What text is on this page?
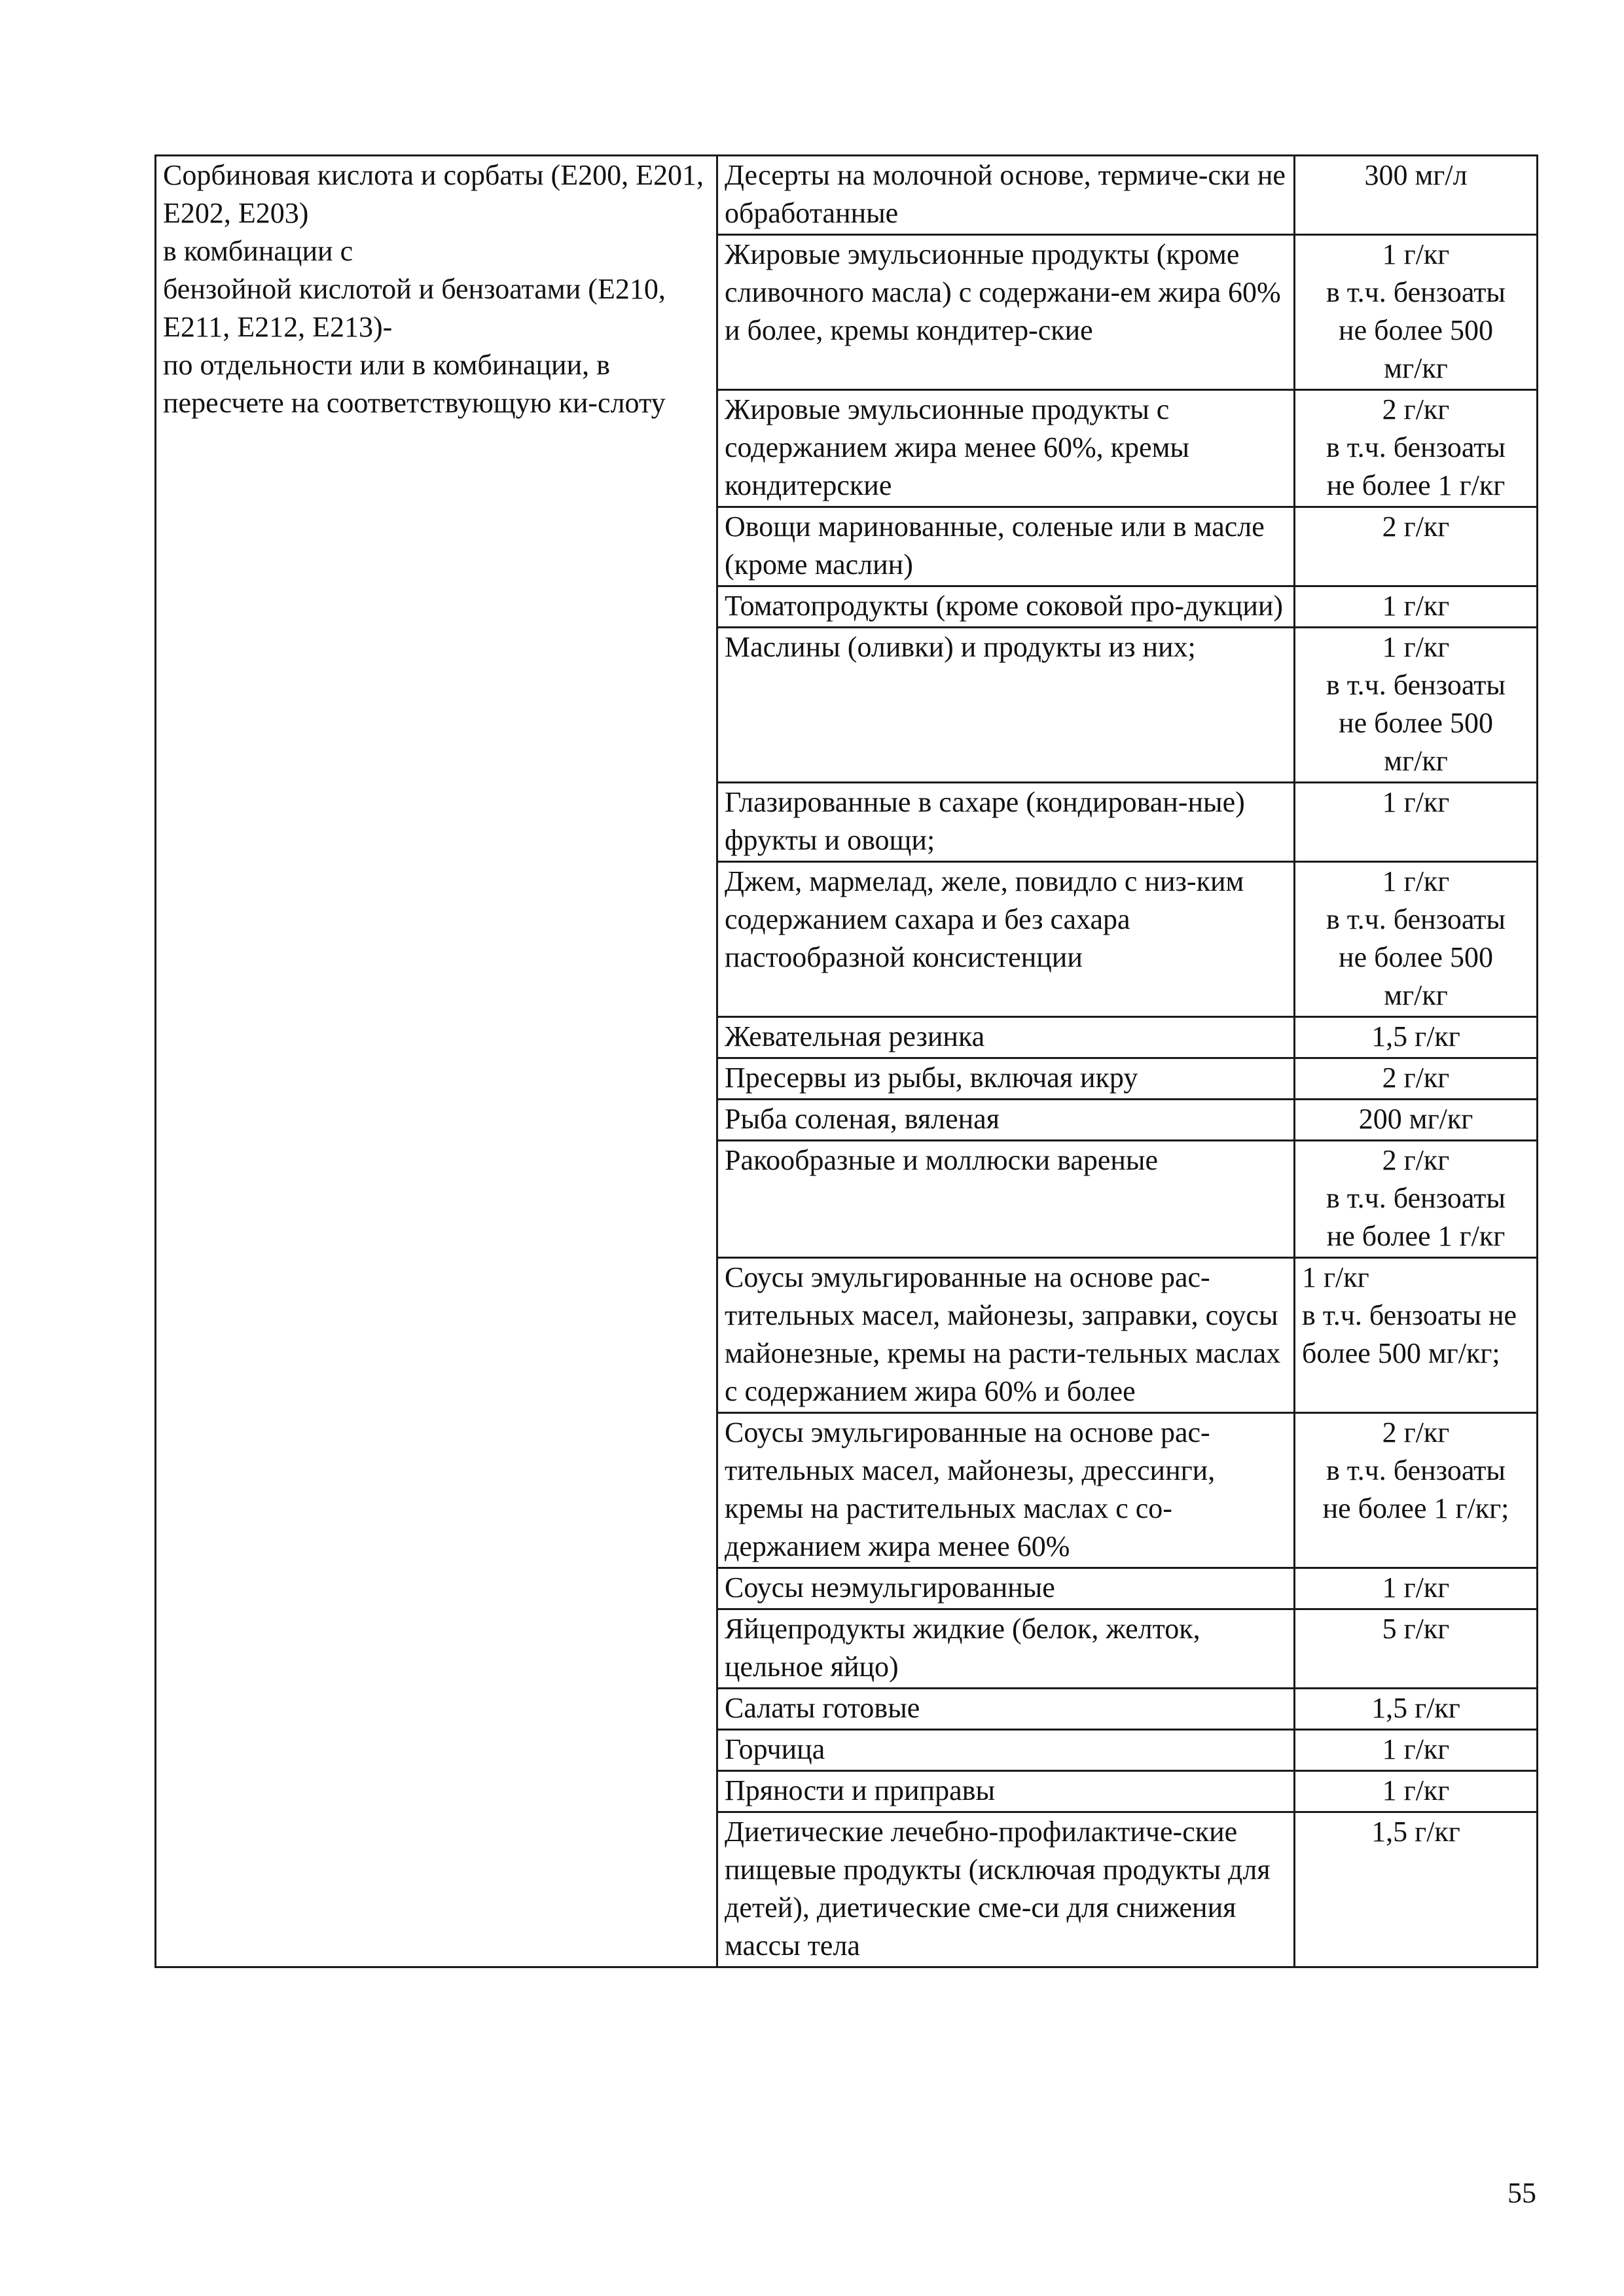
Сорбиновая кислота и сорбаты (Е200, Е201, Е202, Е203)
в комбинации с
бензойной кислотой и бензоатами (Е210, Е211, Е212, Е213)-
по отдельности или в комбинации, в пересчете на соответствующую ки-слоту	Десерты на молочной основе, термиче-ски не обработанные	300 мг/л
	Жировые эмульсионные продукты (кроме сливочного масла) с содержани-ем жира 60% и более, кремы кондитер-ские	1 г/кг
в т.ч. бензоаты
не более 500
мг/кг
	Жировые эмульсионные продукты с содержанием жира менее 60%, кремы кондитерские	2 г/кг
в т.ч. бензоаты
не более 1 г/кг
	Овощи маринованные, соленые или в масле (кроме маслин)	2 г/кг
	Томатопродукты (кроме соковой про-дукции)	1 г/кг
	Маслины (оливки) и продукты из них;	1 г/кг
в т.ч. бензоаты
не более 500
мг/кг
	Глазированные в сахаре (кондирован-ные) фрукты и овощи;	1 г/кг
	Джем, мармелад, желе, повидло с низ-ким содержанием сахара и без сахара пастообразной консистенции	1 г/кг
в т.ч. бензоаты
не более 500
мг/кг
	Жевательная резинка	1,5 г/кг
	Пресервы из рыбы, включая икру	2 г/кг
	Рыба соленая, вяленая	200 мг/кг
	Ракообразные и моллюски вареные	2 г/кг
в т.ч. бензоаты
не более 1 г/кг
	Соусы эмульгированные на основе рас-тительных масел, майонезы, заправки, соусы майонезные, кремы на расти-тельных маслах с содержанием жира 60% и более	1 г/кг
в т.ч. бензоаты не более 500 мг/кг;
	Соусы эмульгированные на основе рас-тительных масел, майонезы, дрессинги, кремы на растительных маслах с со-держанием жира менее 60%	2 г/кг
в т.ч. бензоаты
не более 1 г/кг;
	Соусы неэмульгированные	1 г/кг
	Яйцепродукты жидкие (белок, желток, цельное яйцо)	5 г/кг
	Салаты готовые	1,5 г/кг
	Горчица	1 г/кг
	Пряности и приправы	1 г/кг
	Диетические лечебно-профилактиче-ские пищевые продукты (исключая продукты для детей), диетические сме-си для снижения массы тела	1,5 г/кг
55
